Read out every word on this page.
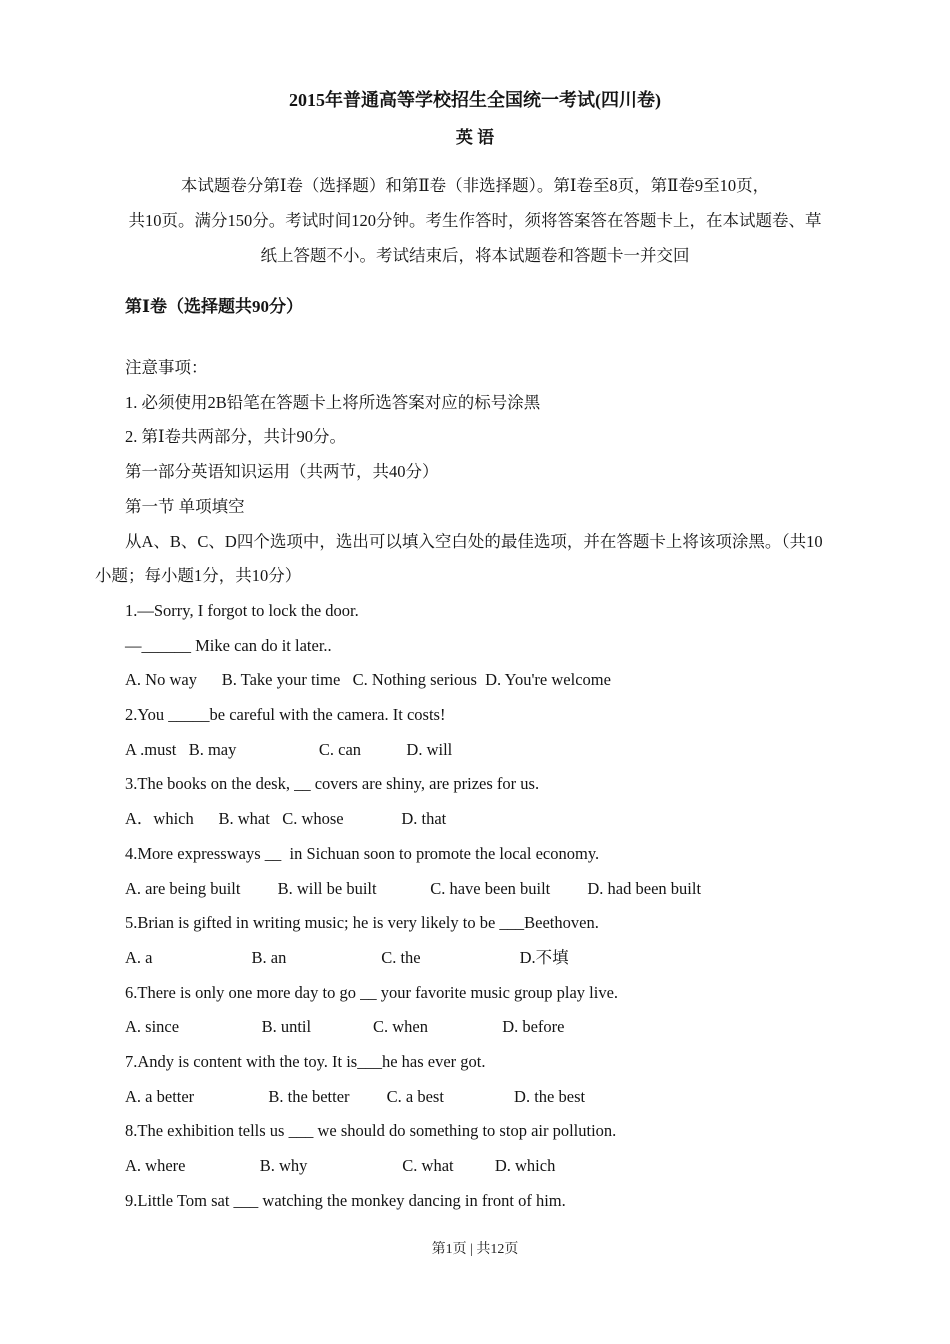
2015年普通高等学校招生全国统一考试(四川卷)
英 语
本试题卷分第Ⅰ卷（选择题）和第Ⅱ卷（非选择题）。第Ⅰ卷至8页，第Ⅱ卷9至10页，
共10页。满分150分。考试时间120分钟。考生作答时，须将答案答在答题卡上，在本试题卷、草
纸上答题不小。考试结束后，将本试题卷和答题卡一并交回
第Ⅰ卷（选择题共90分）
注意事项：
1. 必须使用2B铅笔在答题卡上将所选答案对应的标号涂黑
2. 第Ⅰ卷共两部分，共计90分。
第一部分英语知识运用（共两节，共40分）
第一节 单项填空
从A、B、C、D四个选项中，选出可以填入空白处的最佳选项，并在答题卡上将该项涂黑。（共10
小题；每小题1分，共10分）
1.—Sorry, I forgot to lock the door.
—______ Mike can do it later..
A. No way      B. Take your time   C. Nothing serious  D. You're welcome
2.You _____be careful with the camera. It costs!
A .must   B. may                    C. can           D. will
3.The books on the desk, __ covers are shiny, are prizes for us.
A．which      B. what   C. whose              D. that
4.More expressways __  in Sichuan soon to promote the local economy.
A. are being built         B. will be built             C. have been built         D. had been built
5.Brian is gifted in writing music; he is very likely to be ___Beethoven.
A. a                        B. an                       C. the                        D.不填
6.There is only one more day to go __ your favorite music group play live.
A. since                    B. until               C. when                  D. before
7.Andy is content with the toy. It is___he has ever got.
A. a better                  B. the better         C. a best                 D. the best
8.The exhibition tells us ___ we should do something to stop air pollution.
A. where                  B. why                       C. what          D. which
9.Little Tom sat ___ watching the monkey dancing in front of him.
第1页 | 共12页
